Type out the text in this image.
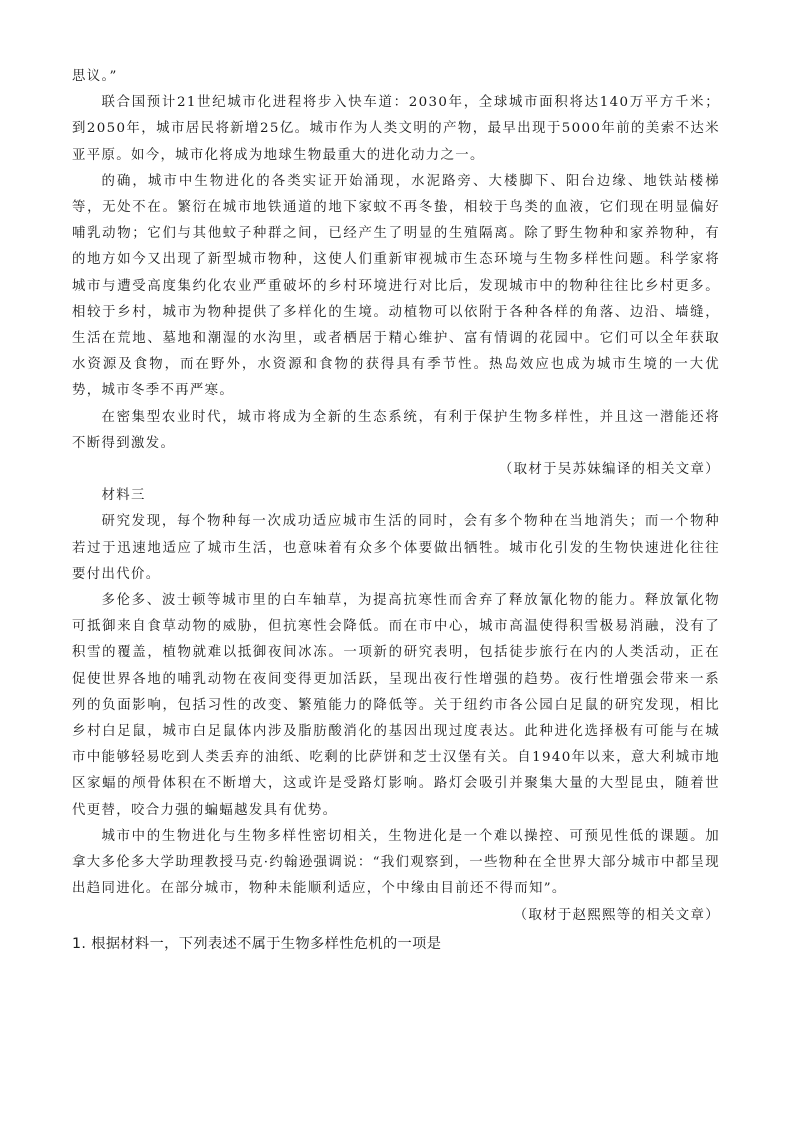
思议。”

联合国预计21世纪城市化进程将步入快车道：2030年，全球城市面积将达140万平方千米；到2050年，城市居民将新增25亿。城市作为人类文明的产物，最早出现于5000年前的美索不达米亚平原。如今，城市化将成为地球生物最重大的进化动力之一。

的确，城市中生物进化的各类实证开始涌现，水泥路旁、大楼脚下、阳台边缘、地铁站楼梯等，无处不在。繁衍在城市地铁通道的地下家蚊不再冬蛰，相较于鸟类的血液，它们现在明显偏好哺乳动物；它们与其他蚊子种群之间，已经产生了明显的生殖隔离。除了野生物种和家养物种，有的地方如今又出现了新型城市物种，这使人们重新审视城市生态环境与生物多样性问题。科学家将城市与遭受高度集约化农业严重破坏的乡村环境进行对比后，发现城市中的物种往往比乡村更多。相较于乡村，城市为物种提供了多样化的生境。动植物可以依附于各种各样的角落、边沿、墙缝，生活在荒地、墓地和潮湿的水沟里，或者栖居于精心维护、富有情调的花园中。它们可以全年获取水资源及食物，而在野外，水资源和食物的获得具有季节性。热岛效应也成为城市生境的一大优势，城市冬季不再严寒。

在密集型农业时代，城市将成为全新的生态系统，有利于保护生物多样性，并且这一潜能还将不断得到激发。

（取材于吴苏妹编译的相关文章）

材料三

研究发现，每个物种每一次成功适应城市生活的同时，会有多个物种在当地消失；而一个物种若过于迅速地适应了城市生活，也意味着有众多个体要做出牺牲。城市化引发的生物快速进化往往要付出代价。

多伦多、波士顿等城市里的白车轴草，为提高抗寒性而舍弃了释放氰化物的能力。释放氰化物可抵御来自食草动物的威胁，但抗寒性会降低。而在市中心，城市高温使得积雪极易消融，没有了积雪的覆盖，植物就难以抵御夜间冰冻。一项新的研究表明，包括徒步旅行在内的人类活动，正在促使世界各地的哺乳动物在夜间变得更加活跃，呈现出夜行性增强的趋势。夜行性增强会带来一系列的负面影响，包括习性的改变、繁殖能力的降低等。关于纽约市各公园白足鼠的研究发现，相比乡村白足鼠，城市白足鼠体内涉及脂肪酸消化的基因出现过度表达。此种进化选择极有可能与在城市中能够轻易吃到人类丢弃的油纸、吃剩的比萨饼和芝士汉堡有关。自1940年以来，意大利城市地区家蝠的颅骨体积在不断增大，这或许是受路灯影响。路灯会吸引并聚集大量的大型昆虫，随着世代更替，咬合力强的蝙蝠越发具有优势。

城市中的生物进化与生物多样性密切相关，生物进化是一个难以操控、可预见性低的课题。加拿大多伦多大学助理教授马克·约翰逊强调说：“我们观察到，一些物种在全世界大部分城市中都呈现出趋同进化。在部分城市，物种未能顺利适应，个中缘由目前还不得而知”。

（取材于赵熙熙等的相关文章）

1. 根据材料一，下列表述不属于生物多样性危机的一项是
